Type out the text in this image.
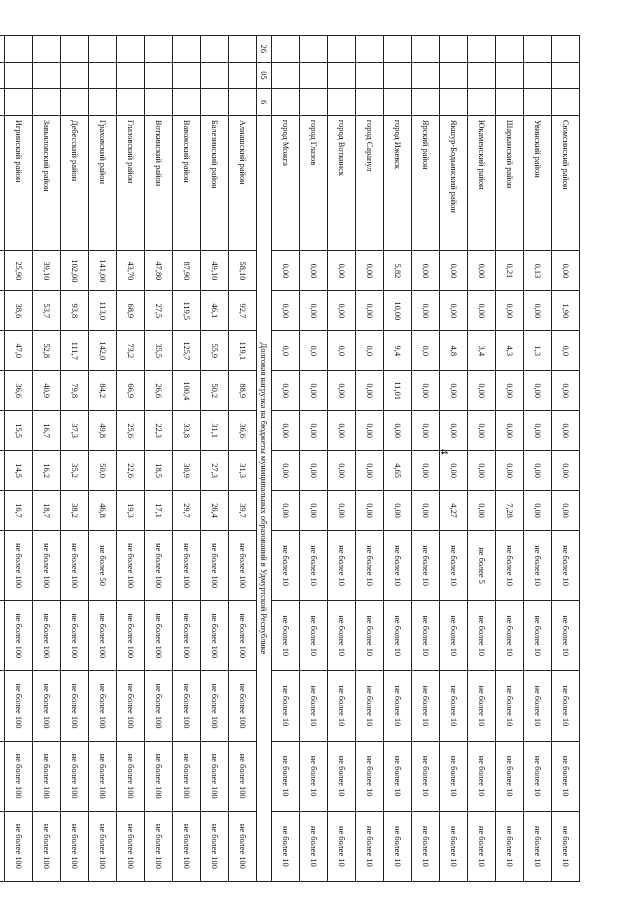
4
			Сюмсинский район	0,00	1,90	0,0	0,00	0,00	0,00	0,00	не более 10	не более 10	не более 10	не более 10	не более 10
			Увинский район	0,13	0,00	1,3	0,00	0,00	0,00	0,00	не более 10	не более 10	не более 10	не более 10	не более 10
			Шарканский район	0,21	0,00	4,3	0,00	0,00	0,00	7,28	не более 10	не более 10	не более 10	не более 10	не более 10
			Юкаменский район	0,00	0,00	3,4	0,00	0,00	0,00	0,00	не более 5	не более 10	не более 10	не более 10	не более 10
			Якшур-Бодьинский район	0,00	0,00	4,8	0,00	0,00	0,00	4,27	не более 10	не более 10	не более 10	не более 10	не более 10
			Ярский район	0,00	0,00	0,0	0,00	0,00	0,00	0,00	не более 10	не более 10	не более 10	не более 10	не более 10
			город Ижевск	5,82	10,00	9,4	11,01	0,00	4,65	0,00	не более 10	не более 10	не более 10	не более 10	не более 10
			город Сарапул	0,00	0,00	0,0	0,00	0,00	0,00	0,00	не более 10	не более 10	не более 10	не более 10	не более 10
			город Воткинск	0,00	0,00	0,0	0,00	0,00	0,00	0,00	не более 10	не более 10	не более 10	не более 10	не более 10
			город Глазов	0,00	0,00	0,0	0,00	0,00	0,00	0,00	не более 10	не более 10	не более 10	не более 10	не более 10
			город Можга	0,00	0,00	0,0	0,00	0,00	0,00	0,00	не более 10	не более 10	не более 10	не более 10	не более 10
26	05	6	Долговая нагрузка на бюджеты муниципальных образований в Удмуртской Республике												
			Алнашский район	58,10	92,7	119,1	88,9	36,6	31,3	39,7	не более 100	не более 100	не более 100	не более 100	не более 100
			Балезинский район	49,10	46,1	55,9	50,2	31,1	27,3	26,4	не более 100	не более 100	не более 100	не более 100	не более 100
			Вавожский район	87,90	119,5	125,7	100,4	33,8	30,9	29,7	не более 100	не более 100	не более 100	не более 100	не более 100
			Воткинский район	47,80	27,5	35,5	26,6	22,3	18,5	17,1	не более 100	не более 100	не более 100	не более 100	не более 100
			Глазовский район	43,70	68,9	73,2	66,9	25,6	22,6	19,3	не более 100	не более 100	не более 100	не более 100	не более 100
			Граховский район	141,00	113,0	142,0	84,2	49,8	50,0	46,8	не более 50	не более 100	не более 100	не более 100	не более 100
			Дебесский район	102,00	93,8	111,7	79,8	37,3	35,2	38,2	не более 100	не более 100	не более 100	не более 100	не более 100
			Завьяловский район	39,10	53,7	52,8	40,9	16,7	16,2	18,7	не более 100	не более 100	не более 100	не более 100	не более 100
			Игринский район	25,90	38,6	47,0	36,6	15,5	14,5	16,7	не более 100	не более 100	не более 100	не более 100	не более 100
